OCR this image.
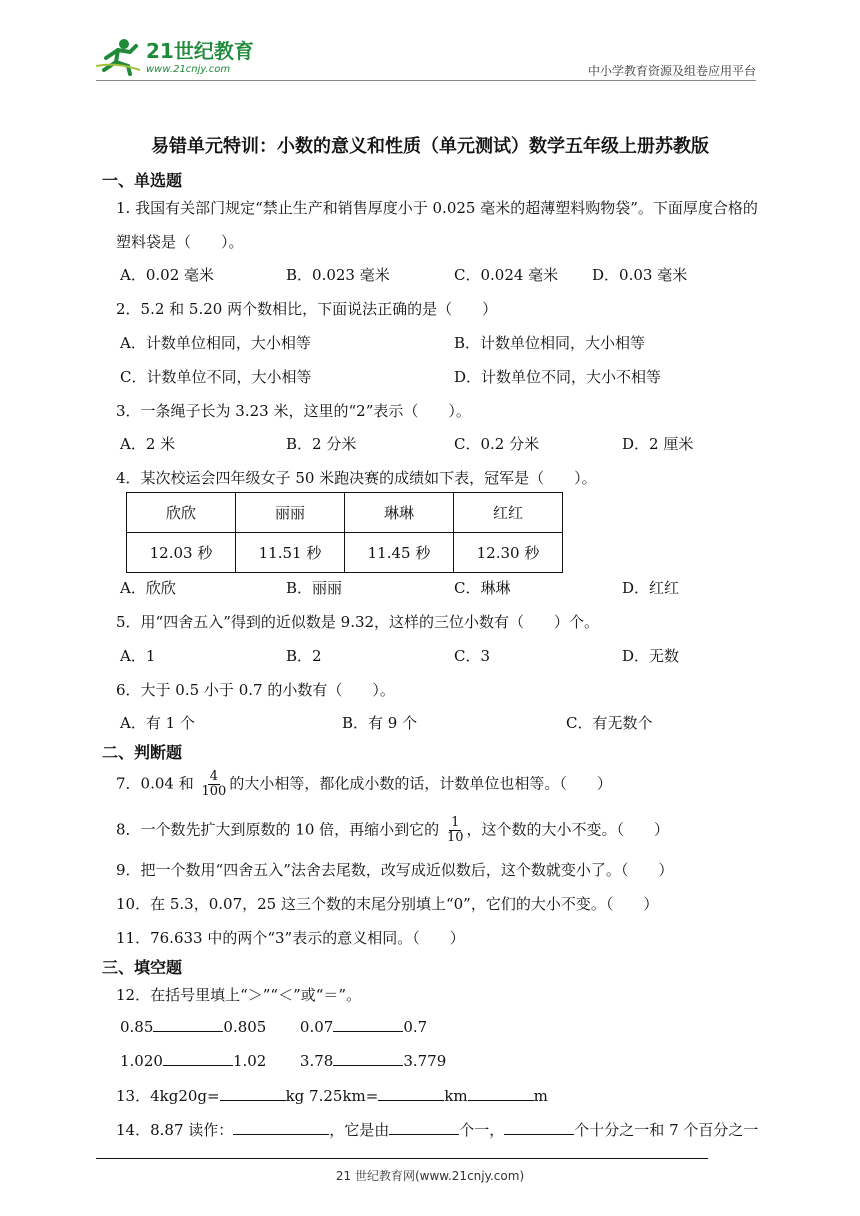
21世纪教育
www.21cnjy.com	中小学教育资源及组卷应用平台
易错单元特训：小数的意义和性质（单元测试）数学五年级上册苏教版
一、单选题
1. 我国有关部门规定“禁止生产和销售厚度小于 0.025 毫米的超薄塑料购物袋”。下面厚度合格的
塑料袋是（　　）。
A．0.02 毫米	B．0.023 毫米	C．0.024 毫米 D．0.03 毫米
2．5.2 和 5.20 两个数相比，下面说法正确的是（　　）
A．计数单位相同，大小相等	B．计数单位相同，大小相等
C．计数单位不同，大小相等	D．计数单位不同，大小不相等
3．一条绳子长为 3.23 米，这里的“2”表示（　　）。
A．2 米	B．2 分米	C．0.2 分米	D．2 厘米
4．某次校运会四年级女子 50 米跑决赛的成绩如下表，冠军是（　　）。
欣欣	丽丽	琳琳	红红
12.03 秒	11.51 秒	11.45 秒	12.30 秒
A．欣欣	B．丽丽	C．琳琳	D．红红
5．用“四舍五入”得到的近似数是 9.32，这样的三位小数有（　　）个。
A．1	B．2	C．3	D．无数
6．大于 0.5 小于 0.7 的小数有（　　）。
A．有 1 个	B．有 9 个	C．有无数个
二、判断题
7．0.04 和 $\frac{4}{100}$ 的大小相等，都化成小数的话，计数单位也相等。（　　）
8．一个数先扩大到原数的 10 倍，再缩小到它的 $\frac{1}{10}$ ，这个数的大小不变。（　　）
9．把一个数用“四舍五入”法舍去尾数，改写成近似数后，这个数就变小了。（　　）
10．在 5.3，0.07，25 这三个数的末尾分别填上“0”，它们的大小不变。（　　）
11．76.633 中的两个“3”表示的意义相同。（　　）
三、填空题
12．在括号里填上“＞”“＜”或“＝”。
0.85	0.805 0.07	0.7
1.020	1.02 3.78	3.779
13．4kg20g=	kg 7.25km=	km	m
14．8.87 读作：	，它是由	个一，	个十分之一和 7 个百分之一
21 世纪教育网(www.21cnjy.com)
